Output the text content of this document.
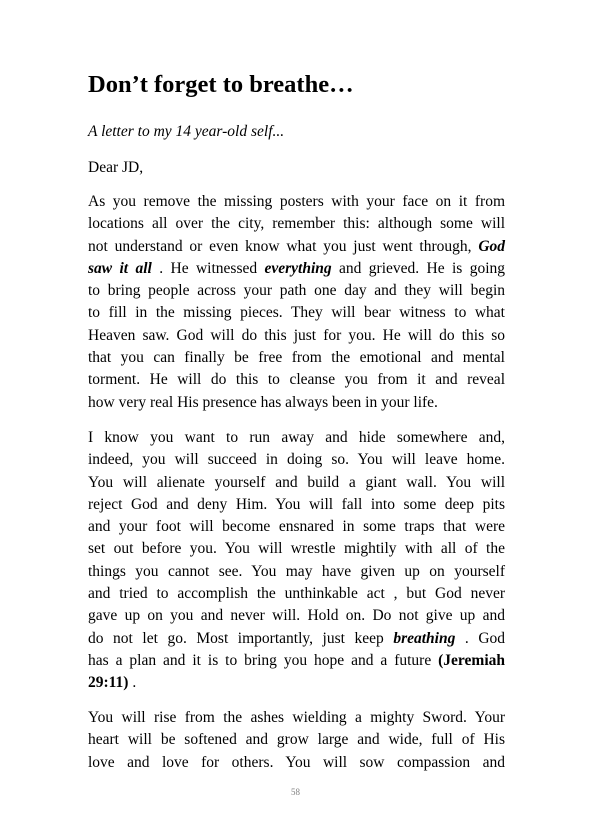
Don’t forget to breathe…

A letter to my 14 year-old self...

Dear JD,

As you remove the missing posters with your face on it from
locations all over the city, remember this: although some will
not understand or even know what you just went through, God
saw it all . He witnessed everything and grieved. He is going
to bring people across your path one day and they will begin
to fill in the missing pieces. They will bear witness to what
Heaven saw. God will do this just for you. He will do this so
that you can finally be free from the emotional and mental
torment. He will do this to cleanse you from it and reveal
how very real His presence has always been in your life.
I know you want to run away and hide somewhere and,
indeed, you will succeed in doing so. You will leave home.
You will alienate yourself and build a giant wall. You will
reject God and deny Him. You will fall into some deep pits
and your foot will become ensnared in some traps that were
set out before you. You will wrestle mightily with all of the
things you cannot see. You may have given up on yourself
and tried to accomplish the unthinkable act , but God never
gave up on you and never will. Hold on. Do not give up and
do not let go. Most importantly, just keep breathing . God
has a plan and it is to bring you hope and a future (Jeremiah
29:11) .
You will rise from the ashes wielding a mighty Sword. Your
heart will be softened and grow large and wide, full of His
love and love for others. You will sow compassion and
58
